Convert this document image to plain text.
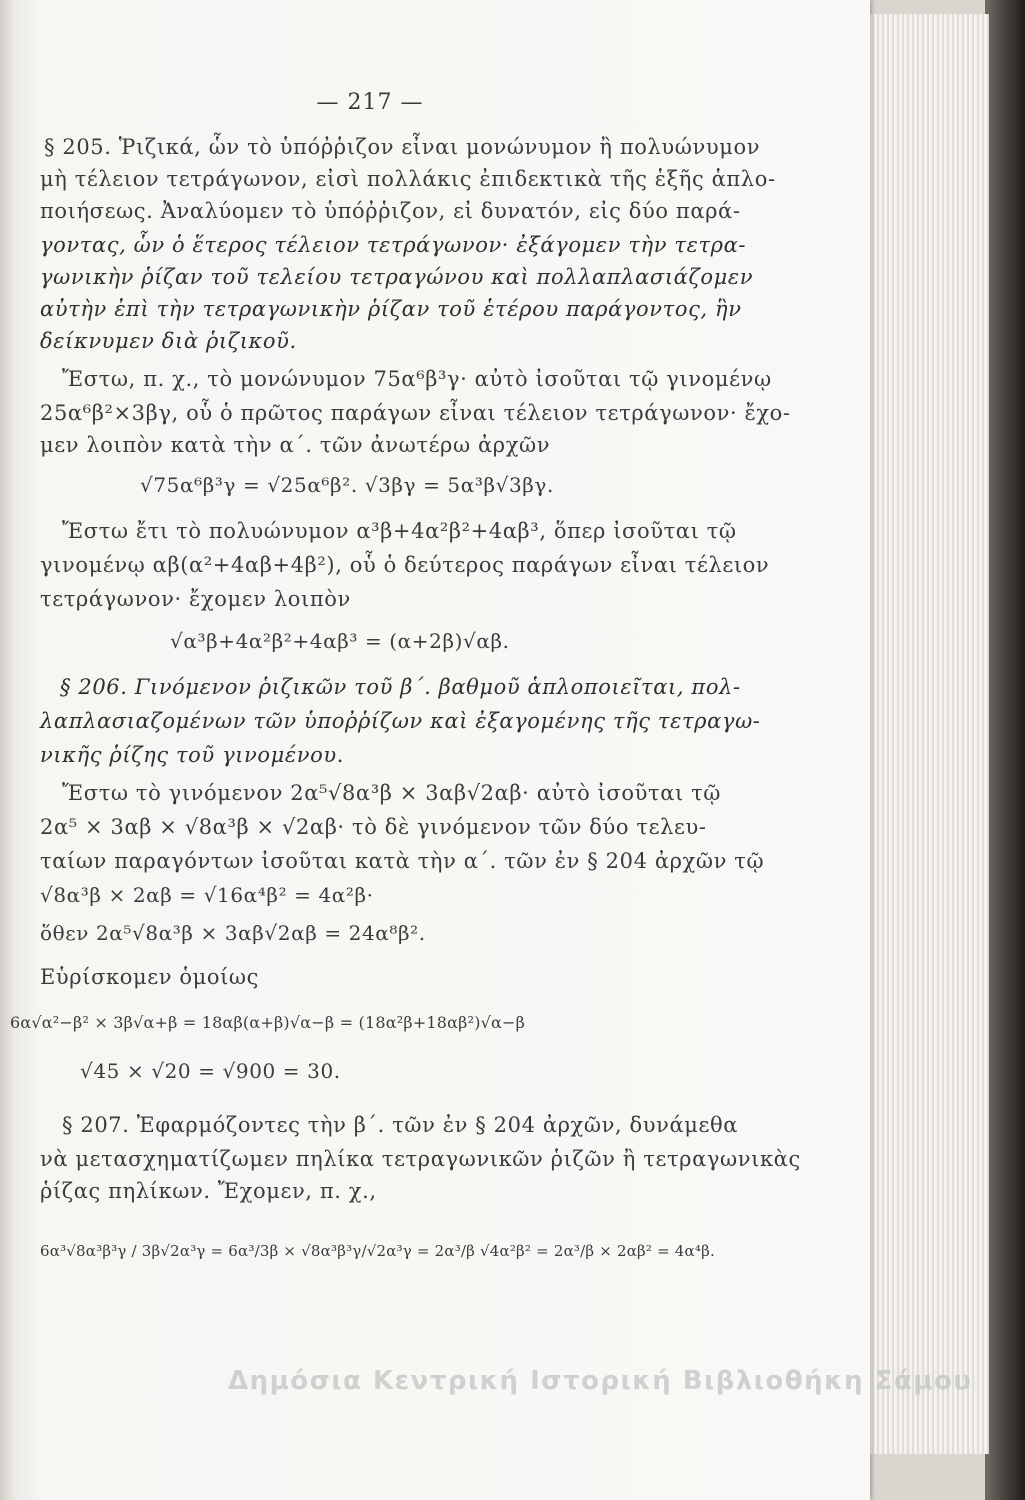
— 217 —
§ 205. Ῥιζικά, ὧν τὸ ὑπόῤῥιζον εἶναι μονώνυμον ἢ πολυώνυμον
μὴ τέλειον τετράγωνον, εἰσὶ πολλάκις ἐπιδεκτικὰ τῆς ἑξῆς ἁπλο-
ποιήσεως. Ἀναλύομεν τὸ ὑπόῤῥιζον, εἰ δυνατόν, εἰς δύο παρά-
γοντας, ὧν ὁ ἕτερος τέλειον τετράγωνον· ἐξάγομεν τὴν τετρα-
γωνικὴν ῥίζαν τοῦ τελείου τετραγώνου καὶ πολλαπλασιάζομεν
αὐτὴν ἐπὶ τὴν τετραγωνικὴν ῥίζαν τοῦ ἑτέρου παράγοντος, ἣν
δείκνυμεν διὰ ῥιζικοῦ.
Ἔστω, π. χ., τὸ μονώνυμον 75α⁶β³γ· αὐτὸ ἰσοῦται τῷ γινομένῳ
25α⁶β²×3βγ, οὗ ὁ πρῶτος παράγων εἶναι τέλειον τετράγωνον· ἔχο-
μεν λοιπὸν κατὰ τὴν α΄. τῶν ἀνωτέρω ἀρχῶν
√75α⁶β³γ = √25α⁶β². √3βγ = 5α³β√3βγ.
Ἔστω ἔτι τὸ πολυώνυμον α³β+4α²β²+4αβ³, ὅπερ ἰσοῦται τῷ
γινομένῳ αβ(α²+4αβ+4β²), οὗ ὁ δεύτερος παράγων εἶναι τέλειον
τετράγωνον· ἔχομεν λοιπὸν
√α³β+4α²β²+4αβ³ = (α+2β)√αβ.
§ 206. Γινόμενον ῥιζικῶν τοῦ β΄. βαθμοῦ ἁπλοποιεῖται, πολ-
λαπλασιαζομένων τῶν ὑποῤῥίζων καὶ ἐξαγομένης τῆς τετραγω-
νικῆς ῥίζης τοῦ γινομένου.
Ἔστω τὸ γινόμενον 2α⁵√8α³β × 3αβ√2αβ· αὐτὸ ἰσοῦται τῷ
2α⁵ × 3αβ × √8α³β × √2αβ· τὸ δὲ γινόμενον τῶν δύο τελευ-
ταίων παραγόντων ἰσοῦται κατὰ τὴν α΄. τῶν ἐν § 204 ἀρχῶν τῷ
√8α³β × 2αβ = √16α⁴β² = 4α²β·
ὅθεν 2α⁵√8α³β × 3αβ√2αβ = 24α⁸β².
Εὑρίσκομεν ὁμοίως
6α√α²−β² × 3β√α+β = 18αβ(α+β)√α−β = (18α²β+18αβ²)√α−β
√45 × √20 = √900 = 30.
§ 207. Ἐφαρμόζοντες τὴν β΄. τῶν ἐν § 204 ἀρχῶν, δυνάμεθα
νὰ μετασχηματίζωμεν πηλίκα τετραγωνικῶν ῥιζῶν ἢ τετραγωνικὰς
ῥίζας πηλίκων. Ἔχομεν, π. χ.,
6α³√8α³β³γ / 3β√2α³γ = 6α³/3β × √8α³β³γ/√2α³γ = 2α³/β √4α²β² = 2α³/β × 2αβ² = 4α⁴β.
Δημόσια Κεντρική Ιστορική Βιβλιοθήκη Σάμου
